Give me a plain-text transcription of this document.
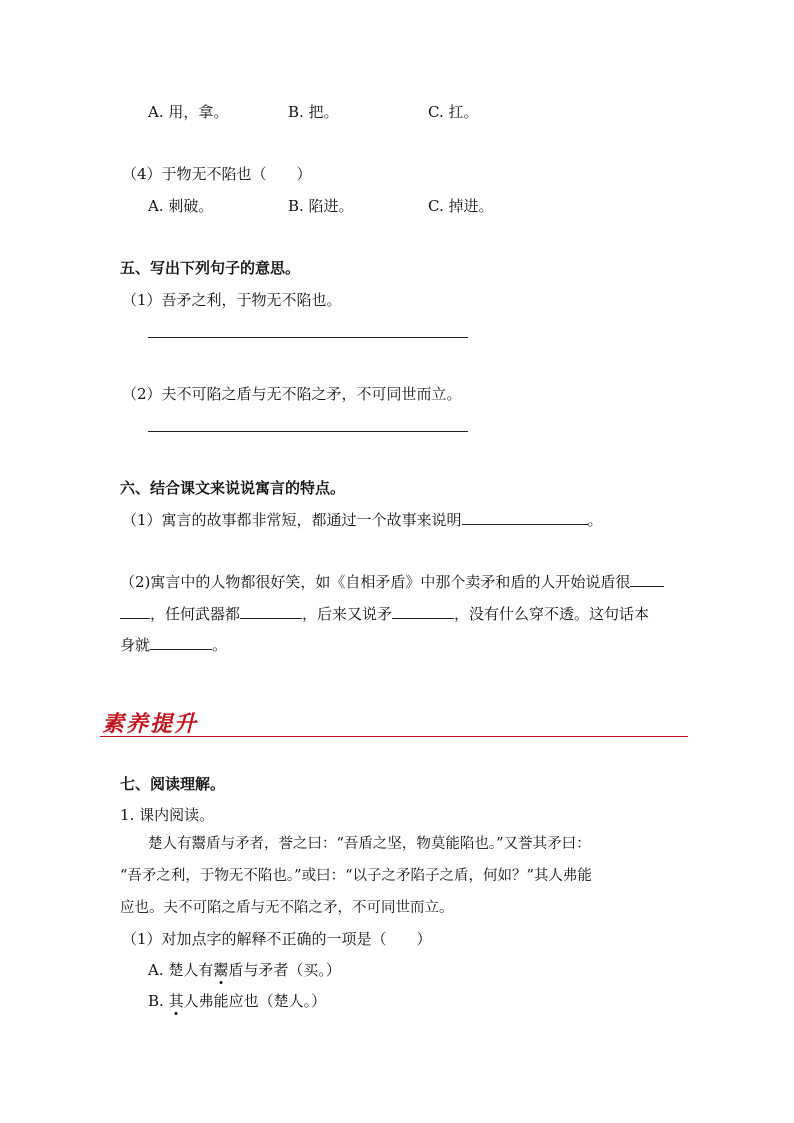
A. 用，拿。	B. 把。	C. 扛。
（4）于物无不陷也（　　）
A. 刺破。	B. 陷进。	C. 掉进。
五、写出下列句子的意思。
（1）吾矛之利，于物无不陷也。
（2）夫不可陷之盾与无不陷之矛，不可同世而立。
六、结合课文来说说寓言的特点。
（1）寓言的故事都非常短，都通过一个故事来说明	。
（2)寓言中的人物都很好笑，如《自相矛盾》中那个卖矛和盾的人开始说盾很
，任何武器都	，后来又说矛	，没有什么穿不透。这句话本
身就	。
素养提升
七、阅读理解。
1. 课内阅读。
楚人有鬻盾与矛者，誉之曰：“吾盾之坚，物莫能陷也。”又誉其矛曰：
“吾矛之利，于物无不陷也。”或曰：“以子之矛陷子之盾，何如？”其人弗能
应也。夫不可陷之盾与无不陷之矛，不可同世而立。
（1）对加点字的解释不正确的一项是（　　）
A. 楚人有鬻盾与矛者（买。）
B. 其人弗能应也（楚人。）
